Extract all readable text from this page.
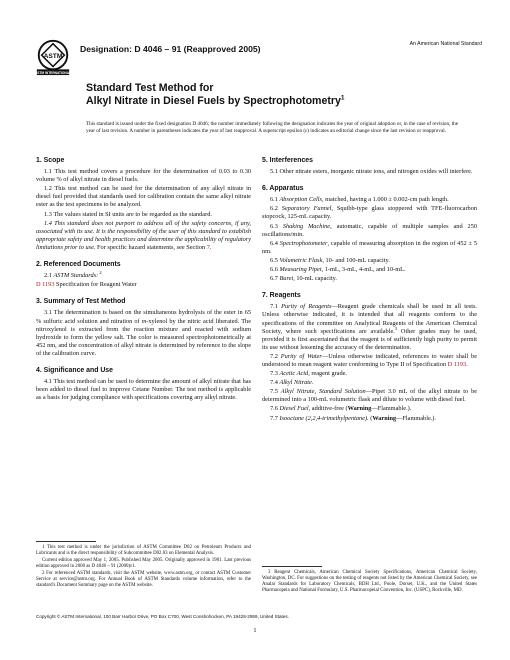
ASTM
ASTM INTERNATIONAL
Designation: D 4046 – 91 (Reapproved 2005)	An American National Standard
Standard Test Method for
Alkyl Nitrate in Diesel Fuels by Spectrophotometry$^1$
This standard is issued under the fixed designation D 4046; the number immediately following the designation indicates the year of original adoption or, in the case of revision, the year of last revision. A number in parentheses indicates the year of last reapproval. A superscript epsilon (ε) indicates an editorial change since the last revision or reapproval.
1. Scope

1.1 This test method covers a procedure for the determination of 0.03 to 0.30 volume % of alkyl nitrate in diesel fuels.

1.2 This test method can be used for the determination of any alkyl nitrate in diesel fuel provided that standards used for calibration contain the same alkyl nitrate ester as the test specimens to be analyzed.

1.3 The values stated in SI units are to be regarded as the standard.

1.4 This standard does not purport to address all of the safety concerns, if any, associated with its use. It is the responsibility of the user of this standard to establish appropriate safety and health practices and determine the applicability of regulatory limitations prior to use. For specific hazard statements, see Section 7.

2. Referenced Documents

2.1 ASTM Standards: $^2$

D 1193 Specification for Reagent Water

3. Summary of Test Method

3.1 The determination is based on the simultaneous hydrolysis of the ester in 65 % sulfuric acid solution and nitration of m-xylenol by the nitric acid liberated. The nitroxylenol is extracted from the reaction mixture and reacted with sodium hydroxide to form the yellow salt. The color is measured spectrophotometrically at 452 nm, and the concentration of alkyl nitrate is determined by reference to the slope of the calibration curve.

4. Significance and Use

4.1 This test method can be used to determine the amount of alkyl nitrate that has been added to diesel fuel to improve Cetane Number. The test method is applicable as a basis for judging compliance with specifications covering any alkyl nitrate.

5. Interferences

5.1 Other nitrate esters, inorganic nitrate ions, and nitrogen oxides will interfere.

6. Apparatus

6.1 Absorption Cells, matched, having a 1.000 ± 0.002-cm path length.

6.2 Separatory Funnel, Squibb-type glass stoppered with TFE-fluorocarbon stopcock, 125-mL capacity.

6.3 Shaking Machine, automatic, capable of multiple samples and 250 oscillations/min.

6.4 Spectrophotometer, capable of measuring absorption in the region of 452 ± 5 nm.

6.5 Volumetric Flask, 10- and 100-mL capacity.

6.6 Measuring Pipet, 1-mL, 3-mL, 4-mL, and 10-mL.

6.7 Buret, 10-mL capacity.

7. Reagents

7.1 Purity of Reagents—Reagent grade chemicals shall be used in all tests. Unless otherwise indicated, it is intended that all reagents conform to the specifications of the committee on Analytical Reagents of the American Chemical Society, where such specifications are available.$^3$ Other grades may be used, provided it is first ascertained that the reagent is of sufficiently high purity to permit its use without lessening the accuracy of the determination.

7.2 Purity of Water—Unless otherwise indicated, references to water shall be understood to mean reagent water conforming to Type II of Specification D 1193.

7.3 Acetic Acid, reagent grade.

7.4 Alkyl Nitrate.

7.5 Alkyl Nitrate, Standard Solution—Pipet 3.0 mL of the alkyl nitrate to be determined into a 100-mL volumetric flask and dilute to volume with diesel fuel.

7.6 Diesel Fuel, additive-free (Warning—Flammable.).

7.7 Isooctane (2,2,4-trimethylpentane). (Warning—Flammable.).

1 This test method is under the jurisdiction of ASTM Committee D02 on Petroleum Products and Lubricants and is the direct responsibility of Subcommittee D02.03 on Elemental Analysis.

Current edition approved May 1, 2005. Published May 2005. Originally approved in 1981. Last previous edition approved in 2000 as D 4046 – 91 (2000)ε1.

2 For referenced ASTM standards, visit the ASTM website, www.astm.org, or contact ASTM Customer Service at service@astm.org. For Annual Book of ASTM Standards volume information, refer to the standard's Document Summary page on the ASTM website.

3 Reagent Chemicals, American Chemical Society Specifications, American Chemical Society, Washington, DC. For suggestions on the testing of reagents not listed by the American Chemical Society, see Analar Standards for Laboratory Chemicals, BDH Ltd., Poole, Dorset, U.K., and the United States Pharmacopeia and National Formulary, U.S. Pharmacopeial Convention, Inc. (USPC), Rockville, MD.

Copyright © ASTM International, 100 Barr Harbor Drive, PO Box C700, West Conshohocken, PA 19428-2959, United States.
1
